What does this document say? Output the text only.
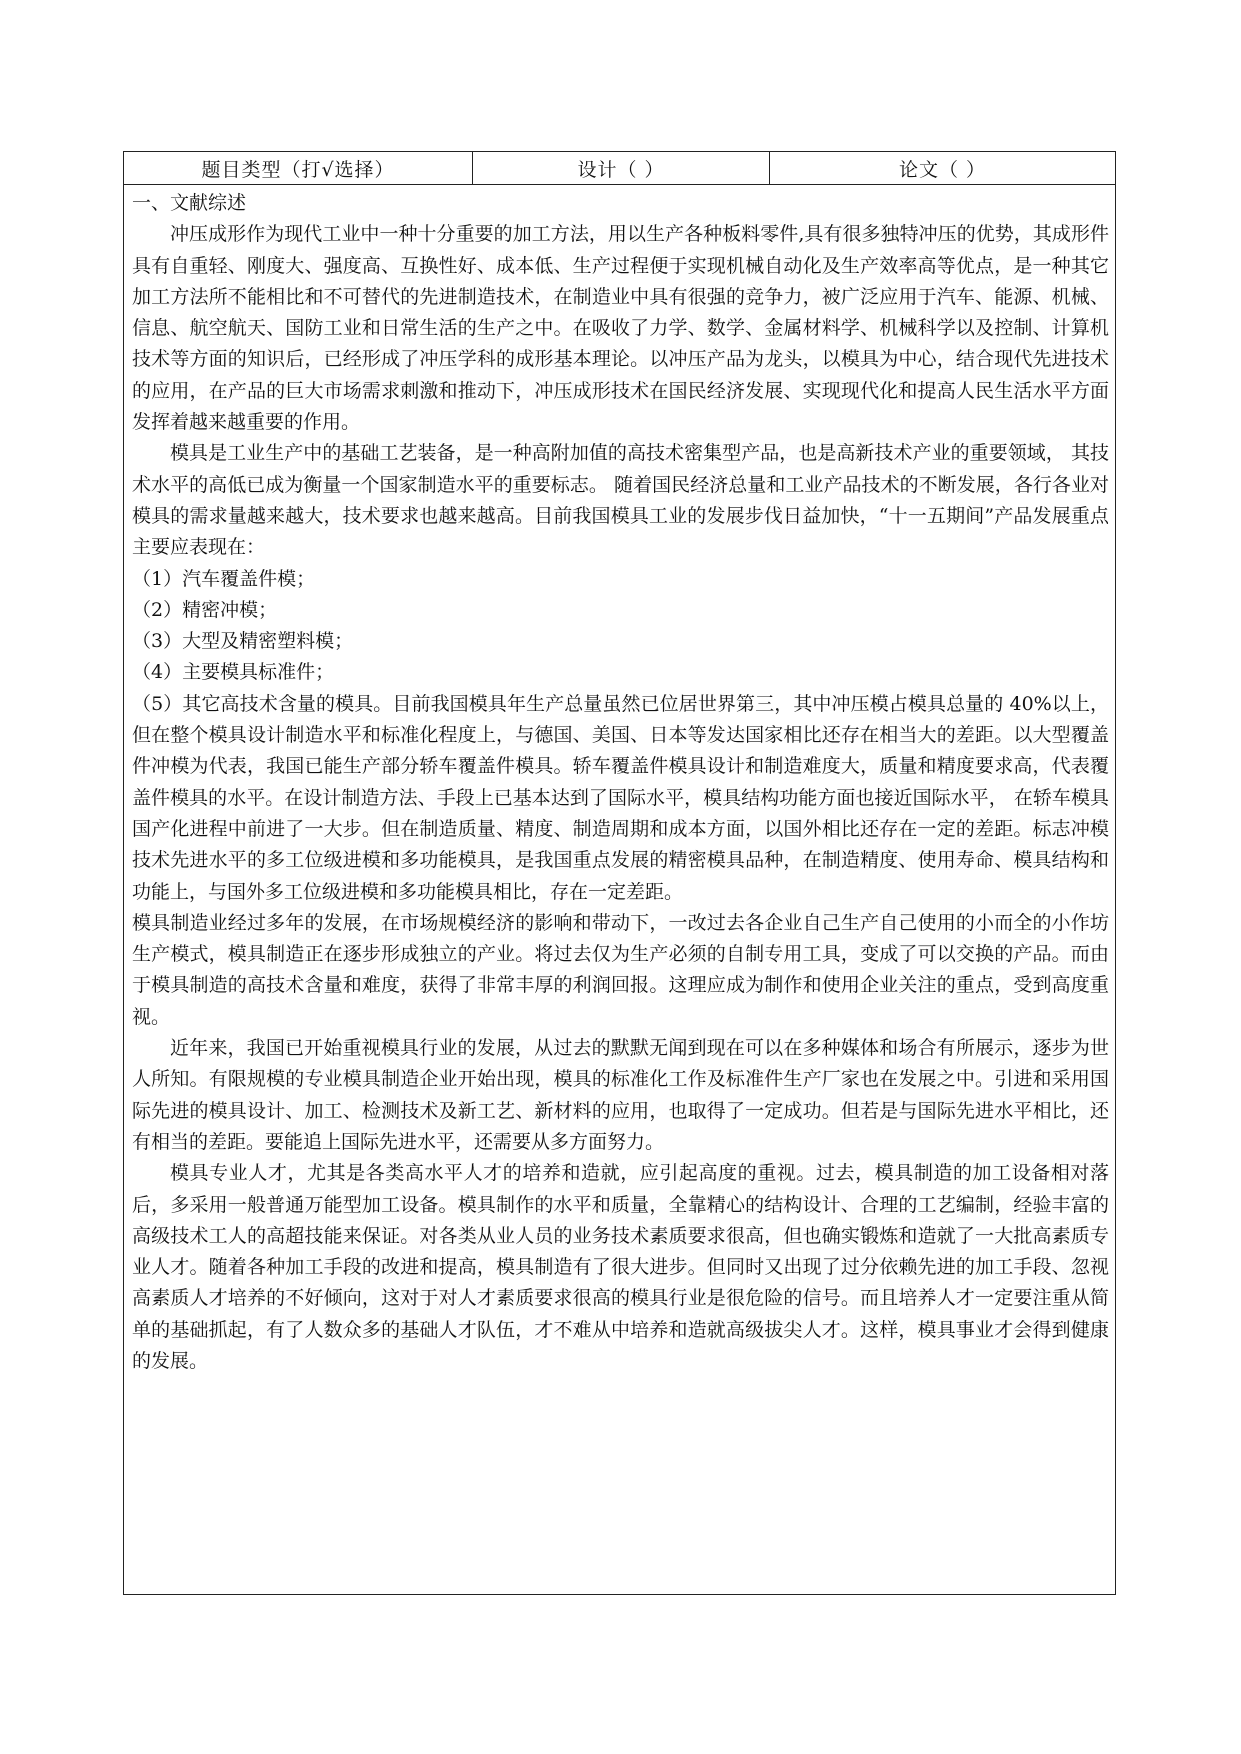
题目类型（打√选择）	设计（ ）	论文（ ）

一、文献综述

冲压成形作为现代工业中一种十分重要的加工方法，用以生产各种板料零件,具有很多独特冲压的优势，其成形件具有自重轻、刚度大、强度高、互换性好、成本低、生产过程便于实现机械自动化及生产效率高等优点，是一种其它加工方法所不能相比和不可替代的先进制造技术，在制造业中具有很强的竞争力，被广泛应用于汽车、能源、机械、信息、航空航天、国防工业和日常生活的生产之中。在吸收了力学、数学、金属材料学、机械科学以及控制、计算机技术等方面的知识后，已经形成了冲压学科的成形基本理论。以冲压产品为龙头，以模具为中心，结合现代先进技术的应用，在产品的巨大市场需求刺激和推动下，冲压成形技术在国民经济发展、实现现代化和提高人民生活水平方面发挥着越来越重要的作用。

模具是工业生产中的基础工艺装备，是一种高附加值的高技术密集型产品，也是高新技术产业的重要领域， 其技术水平的高低已成为衡量一个国家制造水平的重要标志。 随着国民经济总量和工业产品技术的不断发展，各行各业对模具的需求量越来越大，技术要求也越来越高。目前我国模具工业的发展步伐日益加快，“十一五期间”产品发展重点主要应表现在：

（1）汽车覆盖件模；

（2）精密冲模；

（3）大型及精密塑料模；

（4）主要模具标准件；

（5）其它高技术含量的模具。目前我国模具年生产总量虽然已位居世界第三，其中冲压模占模具总量的 40%以上，但在整个模具设计制造水平和标准化程度上，与德国、美国、日本等发达国家相比还存在相当大的差距。以大型覆盖件冲模为代表，我国已能生产部分轿车覆盖件模具。轿车覆盖件模具设计和制造难度大，质量和精度要求高，代表覆盖件模具的水平。在设计制造方法、手段上已基本达到了国际水平，模具结构功能方面也接近国际水平， 在轿车模具国产化进程中前进了一大步。但在制造质量、精度、制造周期和成本方面，以国外相比还存在一定的差距。标志冲模技术先进水平的多工位级进模和多功能模具，是我国重点发展的精密模具品种，在制造精度、使用寿命、模具结构和功能上，与国外多工位级进模和多功能模具相比，存在一定差距。

模具制造业经过多年的发展，在市场规模经济的影响和带动下，一改过去各企业自己生产自己使用的小而全的小作坊生产模式，模具制造正在逐步形成独立的产业。将过去仅为生产必须的自制专用工具，变成了可以交换的产品。而由于模具制造的高技术含量和难度，获得了非常丰厚的利润回报。这理应成为制作和使用企业关注的重点，受到高度重视。

近年来，我国已开始重视模具行业的发展，从过去的默默无闻到现在可以在多种媒体和场合有所展示，逐步为世人所知。有限规模的专业模具制造企业开始出现，模具的标准化工作及标准件生产厂家也在发展之中。引进和采用国际先进的模具设计、加工、检测技术及新工艺、新材料的应用，也取得了一定成功。但若是与国际先进水平相比，还有相当的差距。要能追上国际先进水平，还需要从多方面努力。

模具专业人才，尤其是各类高水平人才的培养和造就，应引起高度的重视。过去，模具制造的加工设备相对落后，多采用一般普通万能型加工设备。模具制作的水平和质量，全靠精心的结构设计、合理的工艺编制，经验丰富的高级技术工人的高超技能来保证。对各类从业人员的业务技术素质要求很高，但也确实锻炼和造就了一大批高素质专业人才。随着各种加工手段的改进和提高，模具制造有了很大进步。但同时又出现了过分依赖先进的加工手段、忽视高素质人才培养的不好倾向，这对于对人才素质要求很高的模具行业是很危险的信号。而且培养人才一定要注重从简单的基础抓起，有了人数众多的基础人才队伍，才不难从中培养和造就高级拔尖人才。这样，模具事业才会得到健康的发展。
